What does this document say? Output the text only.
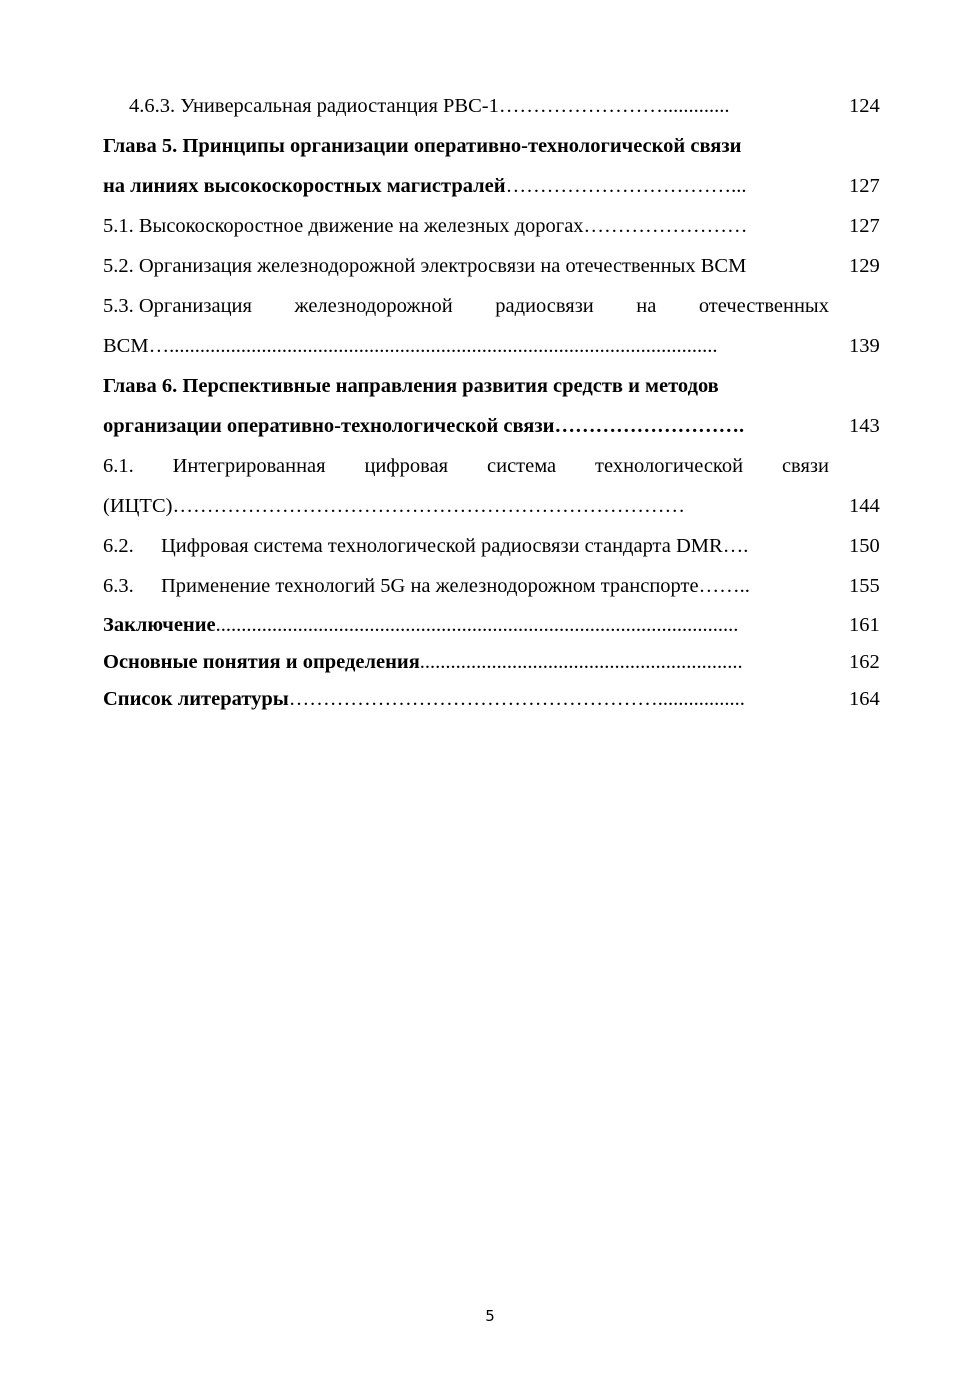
4.6.3. Универсальная радиостанция РВС-1…………………….............	124
Глава 5. Принципы организации оперативно-технологической связи
на линиях высокоскоростных магистралей……………………………...	127
5.1. Высокоскоростное движение на железных дорогах……………………	127
5.2. Организация железнодорожной электросвязи на отечественных ВСМ	129
5.3. Организация железнодорожной радиосвязи на отечественных
ВСМ…...........................................................................................................	139
Глава 6. Перспективные направления развития средств и методов
организации оперативно-технологической связи……………………….	143
6.1. Интегрированная цифровая система технологической связи
(ИЦТС)…………………………………………………………………	144
6.2. Цифровая система технологической радиосвязи стандарта DMR….	150
6.3. Применение технологий 5G на железнодорожном транспорте……..	155
Заключение......................................................................................................	161
Основные понятия и определения...............................................................	162
Список литературы……………………………………………….................	164
5
